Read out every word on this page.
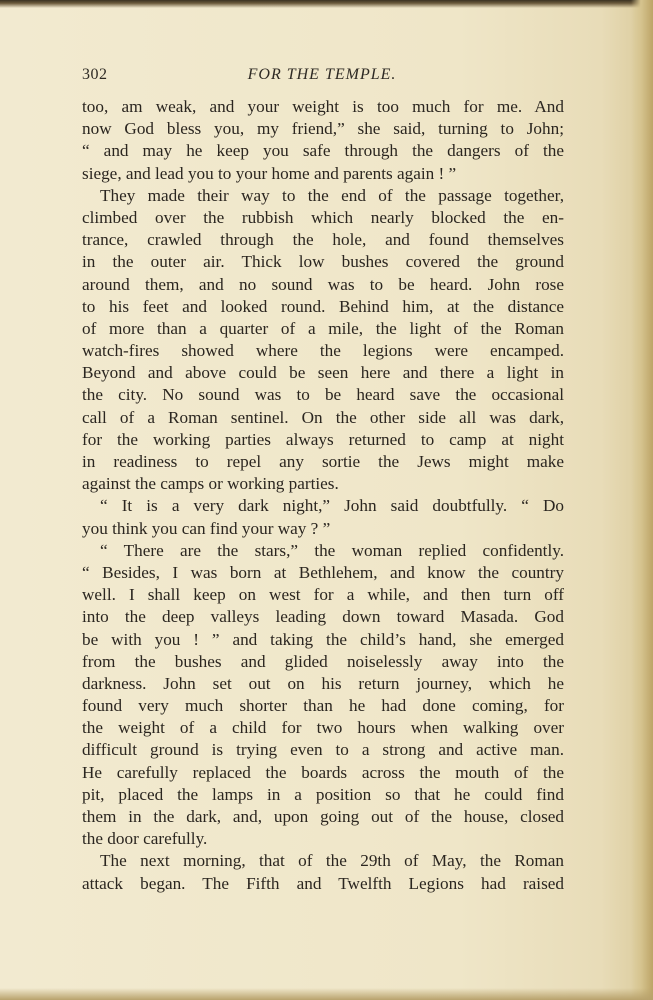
302	FOR THE TEMPLE.
too, am weak, and your weight is too much for me. And
now God bless you, my friend,” she said, turning to John;
“ and may he keep you safe through the dangers of the
siege, and lead you to your home and parents again ! ”
They made their way to the end of the passage together,
climbed over the rubbish which nearly blocked the en-
trance, crawled through the hole, and found themselves
in the outer air. Thick low bushes covered the ground
around them, and no sound was to be heard. John rose
to his feet and looked round. Behind him, at the distance
of more than a quarter of a mile, the light of the Roman
watch-fires showed where the legions were encamped.
Beyond and above could be seen here and there a light in
the city. No sound was to be heard save the occasional
call of a Roman sentinel. On the other side all was dark,
for the working parties always returned to camp at night
in readiness to repel any sortie the Jews might make
against the camps or working parties.
“ It is a very dark night,” John said doubtfully. “ Do
you think you can find your way ? ”
“ There are the stars,” the woman replied confidently.
“ Besides, I was born at Bethlehem, and know the country
well. I shall keep on west for a while, and then turn off
into the deep valleys leading down toward Masada. God
be with you ! ” and taking the child’s hand, she emerged
from the bushes and glided noiselessly away into the
darkness. John set out on his return journey, which he
found very much shorter than he had done coming, for
the weight of a child for two hours when walking over
difficult ground is trying even to a strong and active man.
He carefully replaced the boards across the mouth of the
pit, placed the lamps in a position so that he could find
them in the dark, and, upon going out of the house, closed
the door carefully.
The next morning, that of the 29th of May, the Roman
attack began. The Fifth and Twelfth Legions had raised
